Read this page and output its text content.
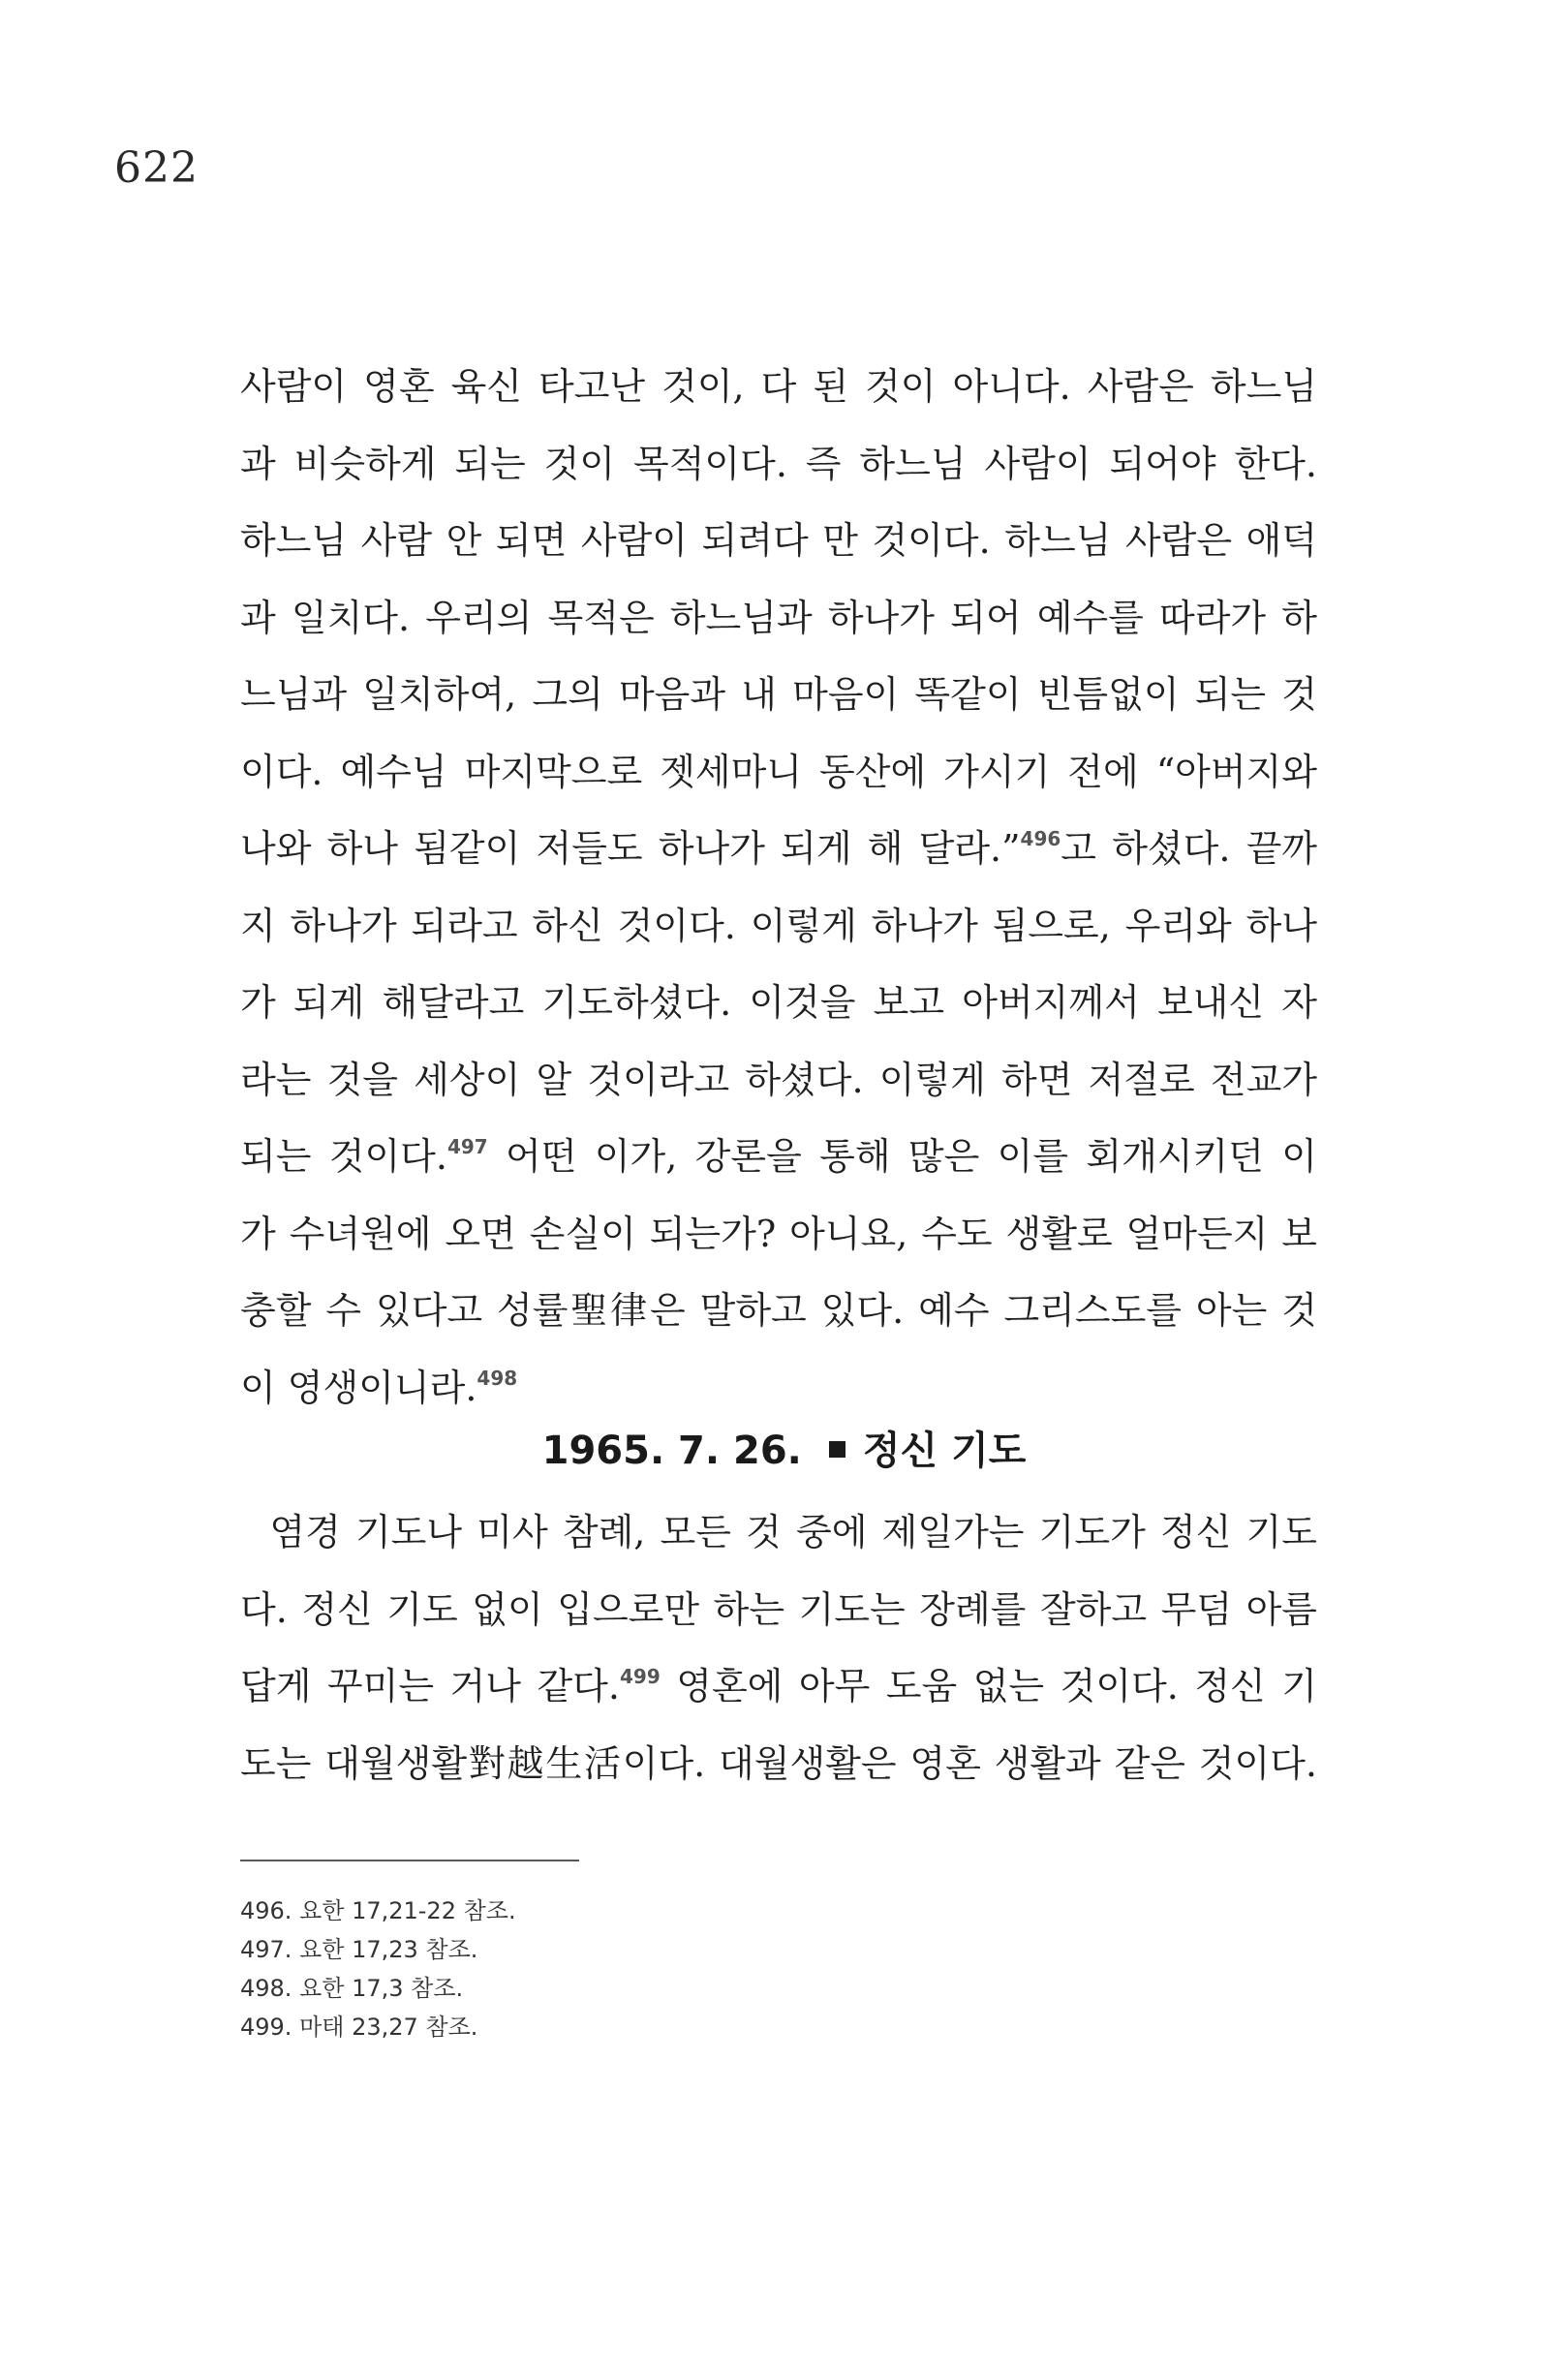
622
사람이 영혼 육신 타고난 것이, 다 된 것이 아니다. 사람은 하느님
과 비슷하게 되는 것이 목적이다. 즉 하느님 사람이 되어야 한다.
하느님 사람 안 되면 사람이 되려다 만 것이다. 하느님 사람은 애덕
과 일치다. 우리의 목적은 하느님과 하나가 되어 예수를 따라가 하
느님과 일치하여, 그의 마음과 내 마음이 똑같이 빈틈없이 되는 것
이다. 예수님 마지막으로 젯세마니 동산에 가시기 전에 “아버지와
나와 하나 됨같이 저들도 하나가 되게 해 달라.”$^{496}$고 하셨다. 끝까
지 하나가 되라고 하신 것이다. 이렇게 하나가 됨으로, 우리와 하나
가 되게 해달라고 기도하셨다. 이것을 보고 아버지께서 보내신 자
라는 것을 세상이 알 것이라고 하셨다. 이렇게 하면 저절로 전교가
되는 것이다.$^{497}$ 어떤 이가, 강론을 통해 많은 이를 회개시키던 이
가 수녀원에 오면 손실이 되는가? 아니요, 수도 생활로 얼마든지 보
충할 수 있다고 성률聖律은 말하고 있다. 예수 그리스도를 아는 것
이 영생이니라.$^{498}$
1965. 7. 26. 정신 기도
염경 기도나 미사 참례, 모든 것 중에 제일가는 기도가 정신 기도
다. 정신 기도 없이 입으로만 하는 기도는 장례를 잘하고 무덤 아름
답게 꾸미는 거나 같다.$^{499}$ 영혼에 아무 도움 없는 것이다. 정신 기
도는 대월생활對越生活이다. 대월생활은 영혼 생활과 같은 것이다.
496. 요한 17,21-22 참조.
497. 요한 17,23 참조.
498. 요한 17,3 참조.
499. 마태 23,27 참조.
